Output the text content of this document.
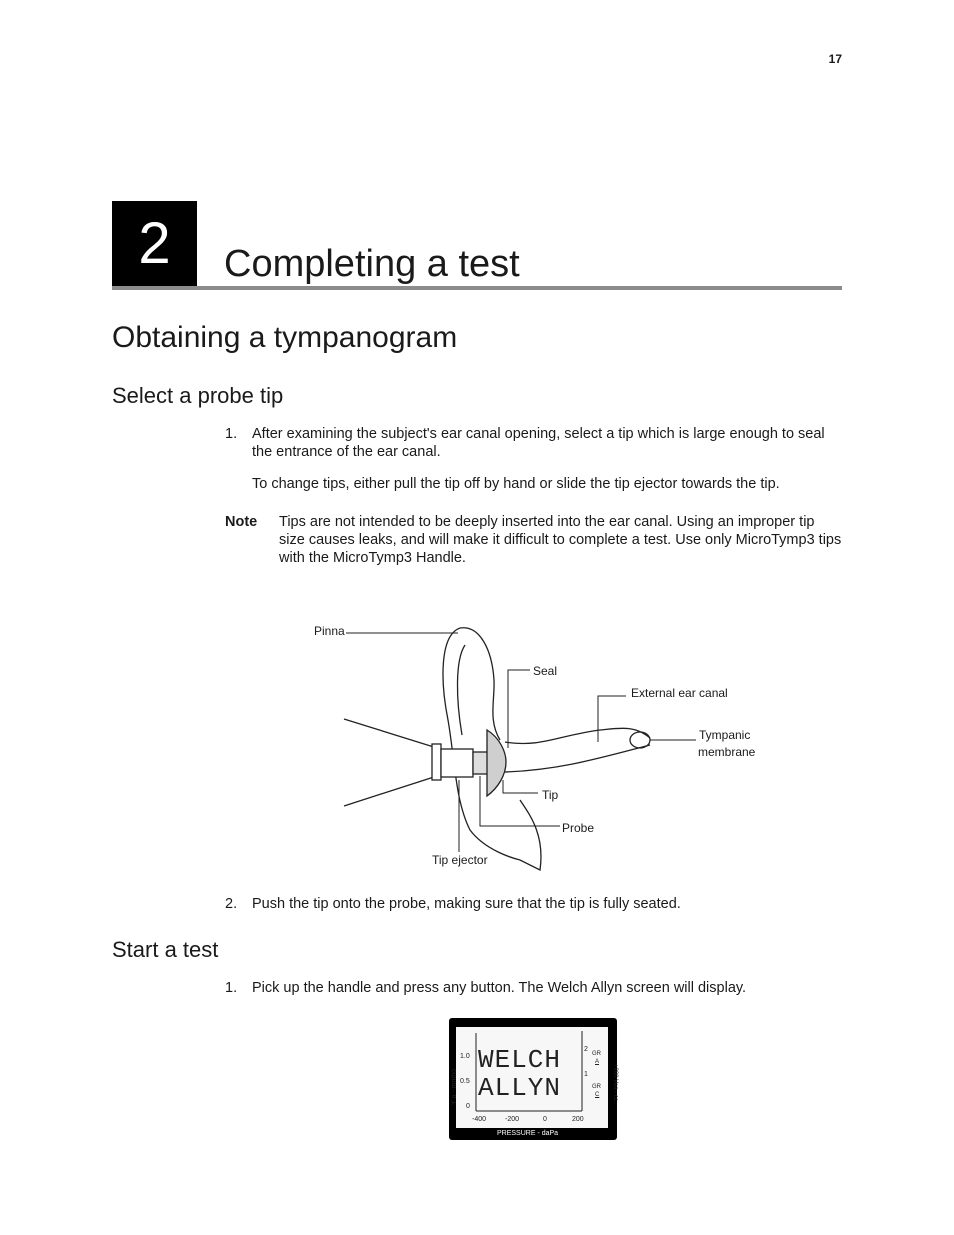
17
2	Completing a test
Obtaining a tympanogram
Select a probe tip
1.	After examining the subject's ear canal opening, select a tip which is large enough to seal the entrance of the ear canal.
To change tips, either pull the tip off by hand or slide the tip ejector towards the tip.
Note Tips are not intended to be deeply inserted into the ear canal. Using an improper tip size causes leaks, and will make it difficult to complete a test. Use only MicroTymp3 tips with the MicroTymp3 Handle.
Pinna
Seal
External ear canal
Tympanic
membrane
Tip
Probe
Tip ejector
2.	Push the tip onto the probe, making sure that the tip is fully seated.
Start a test
1.	Pick up the handle and press any button. The Welch Allyn screen will display.
WELCH
ALLYN
Y a - mmho
1.0
0.5
0
-400	-200	0	200
PRESSURE - daPa
2
1
GR
A
GR
C	+200 Vea - cc
